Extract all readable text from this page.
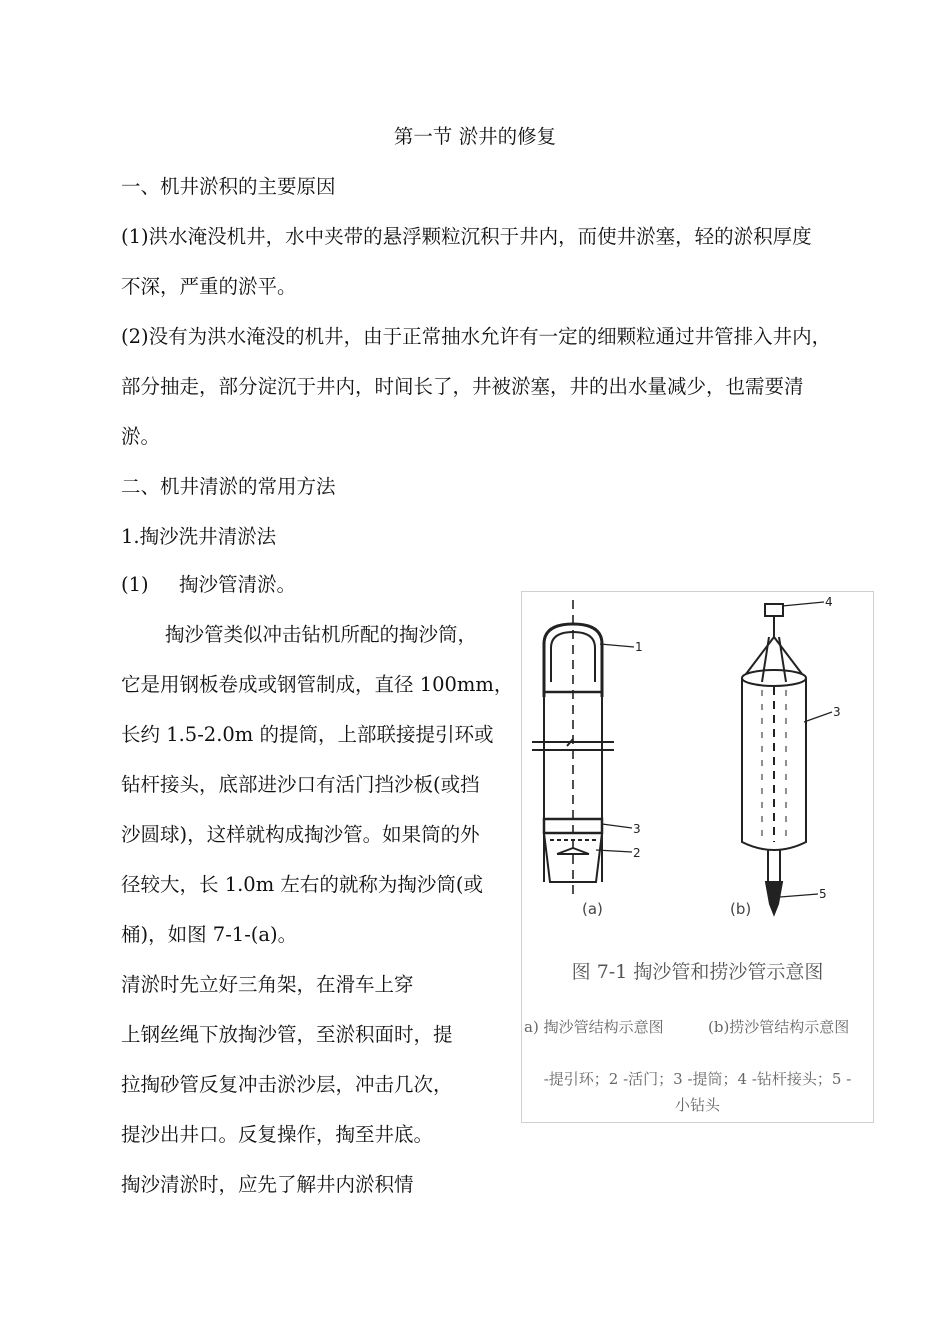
第一节 淤井的修复
一、机井淤积的主要原因
(1)洪水淹没机井，水中夹带的悬浮颗粒沉积于井内，而使井淤塞，轻的淤积厚度
不深，严重的淤平。
(2)没有为洪水淹没的机井，由于正常抽水允许有一定的细颗粒通过井管排入井内，
部分抽走，部分淀沉于井内，时间长了，井被淤塞，井的出水量减少，也需要清
淤。
二、机井清淤的常用方法
1.掏沙洗井清淤法
(1) 掏沙管清淤。
掏沙管类似冲击钻机所配的掏沙筒，
它是用钢板卷成或钢管制成，直径 100mm，
长约 1.5-2.0m 的提筒，上部联接提引环或
钻杆接头，底部进沙口有活门挡沙板(或挡
沙圆球)，这样就构成掏沙管。如果筒的外
径较大，长 1.0m 左右的就称为掏沙筒(或
桶)，如图 7-1-(a)。
清淤时先立好三角架，在滑车上穿
上钢丝绳下放掏沙管，至淤积面时，提
拉掏砂管反复冲击淤沙层，冲击几次，
提沙出井口。反复操作，掏至井底。
掏沙清淤时，应先了解井内淤积情
1
3
2
(a)
4
3
5
(b)
图 7-1 掏沙管和捞沙管示意图
a) 掏沙管结构示意图	(b)捞沙管结构示意图
-提引环；2 -活门；3 -提筒；4 -钻杆接头；5 -
小钻头
